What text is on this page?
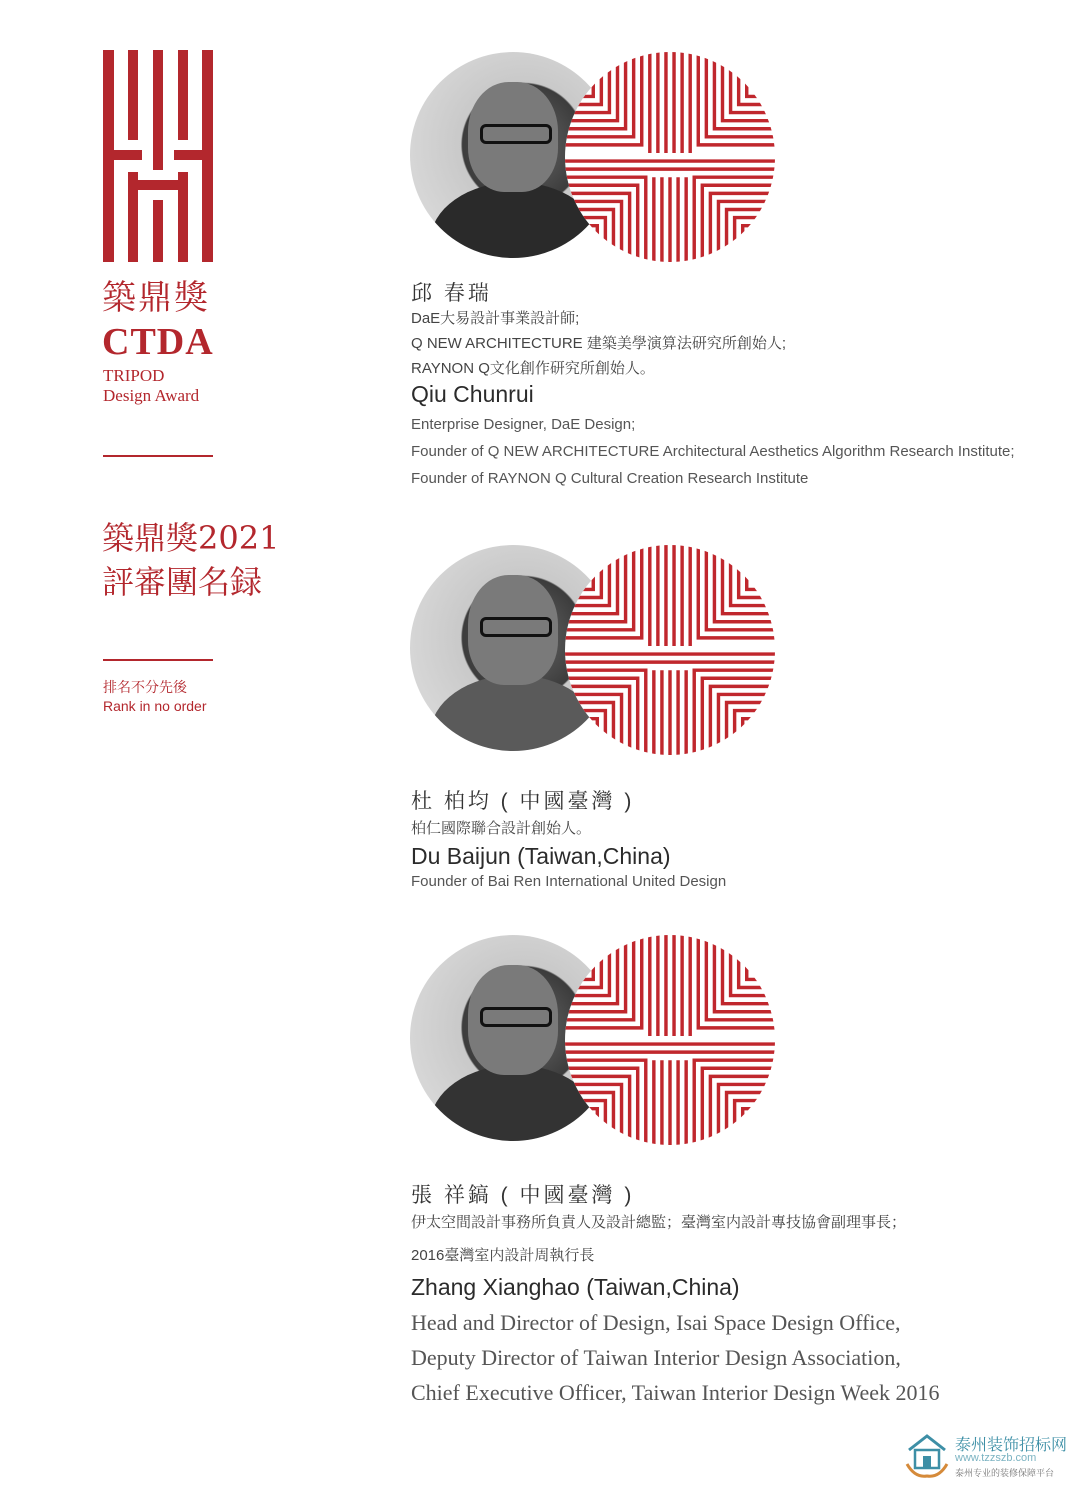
築鼎獎
CTDA
TRIPOD
Design Award
築鼎獎2021
評審團名録
排名不分先後
Rank in no order
邱 春瑞
DaE大易設計事業設計師;
Q NEW ARCHITECTURE 建築美學演算法研究所創始人;
RAYNON Q文化創作研究所創始人。
Qiu Chunrui
Enterprise Designer, DaE Design;
Founder of Q NEW ARCHITECTURE Architectural Aesthetics Algorithm Research Institute;
Founder of RAYNON Q Cultural Creation Research Institute
杜 柏均 ( 中國臺灣 )
柏仁國際聯合設計創始人。
Du Baijun (Taiwan,China)
Founder of Bai Ren International United Design
張 祥鎬 ( 中國臺灣 )
伊太空間設計事務所負責人及設計總監；臺灣室内設計專技協會副理事長；
2016臺灣室内設計周執行長
Zhang Xianghao (Taiwan,China)
Head and Director of Design, Isai Space Design Office,
Deputy Director of Taiwan Interior Design Association,
Chief Executive Officer, Taiwan Interior Design Week 2016
泰州装饰招标网
www.tzzszb.com
泰州专业的装修保障平台
